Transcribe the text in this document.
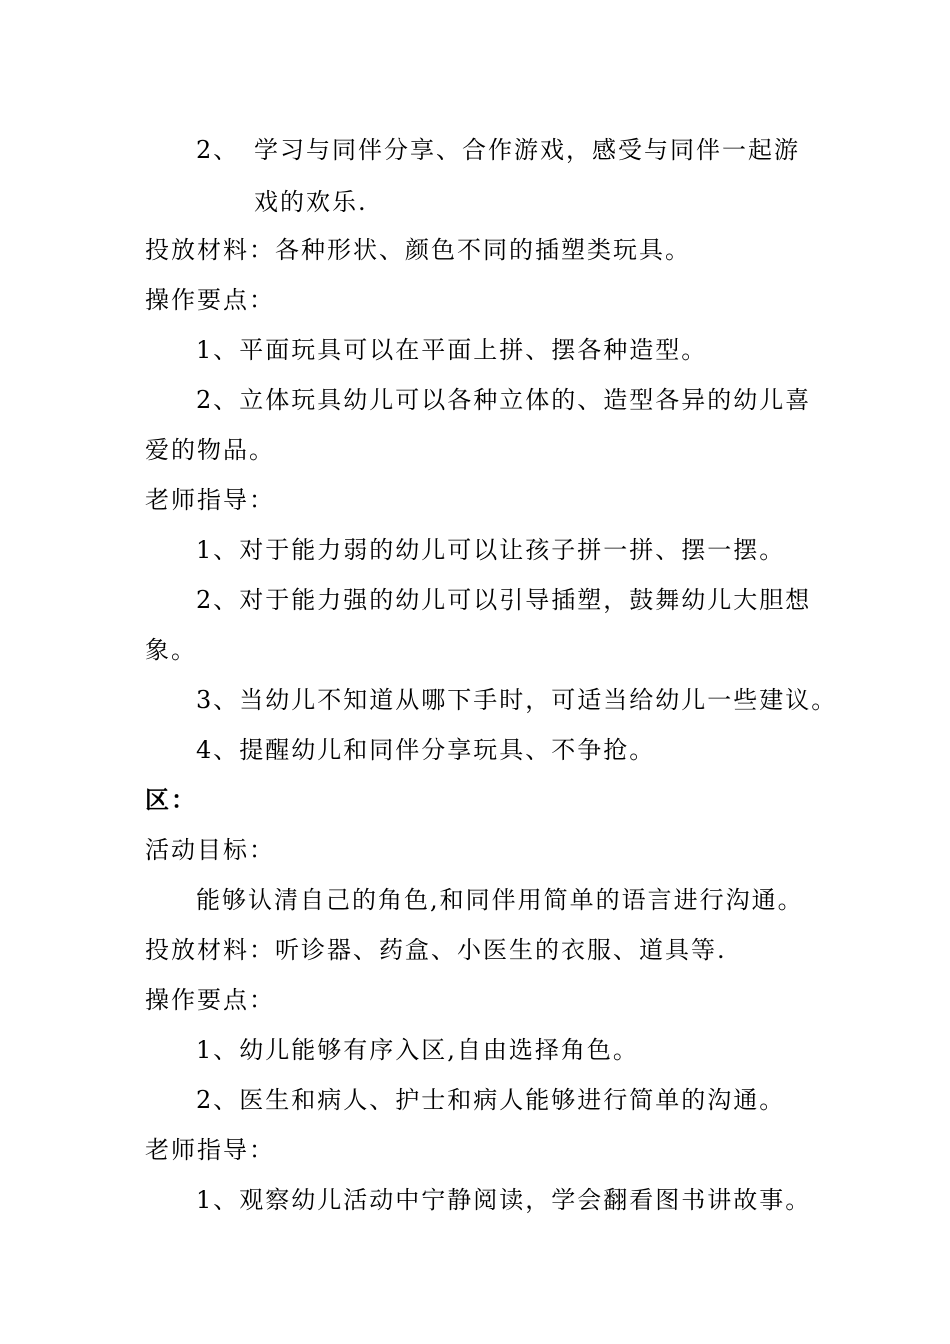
2、 学习与同伴分享、合作游戏，感受与同伴一起游
戏的欢乐.
投放材料：各种形状、颜色不同的插塑类玩具。
操作要点：
1、平面玩具可以在平面上拼、摆各种造型。
2、立体玩具幼儿可以各种立体的、造型各异的幼儿喜
爱的物品。
老师指导：
1、对于能力弱的幼儿可以让孩子拼一拼、摆一摆。
2、对于能力强的幼儿可以引导插塑，鼓舞幼儿大胆想
象。
3、当幼儿不知道从哪下手时，可适当给幼儿一些建议。
4、提醒幼儿和同伴分享玩具、不争抢。
区：
活动目标：
能够认清自己的角色,和同伴用简单的语言进行沟通。
投放材料：听诊器、药盒、小医生的衣服、道具等.
操作要点：
1、幼儿能够有序入区,自由选择角色。
2、医生和病人、护士和病人能够进行简单的沟通。
老师指导：
1、观察幼儿活动中宁静阅读，学会翻看图书讲故事。
